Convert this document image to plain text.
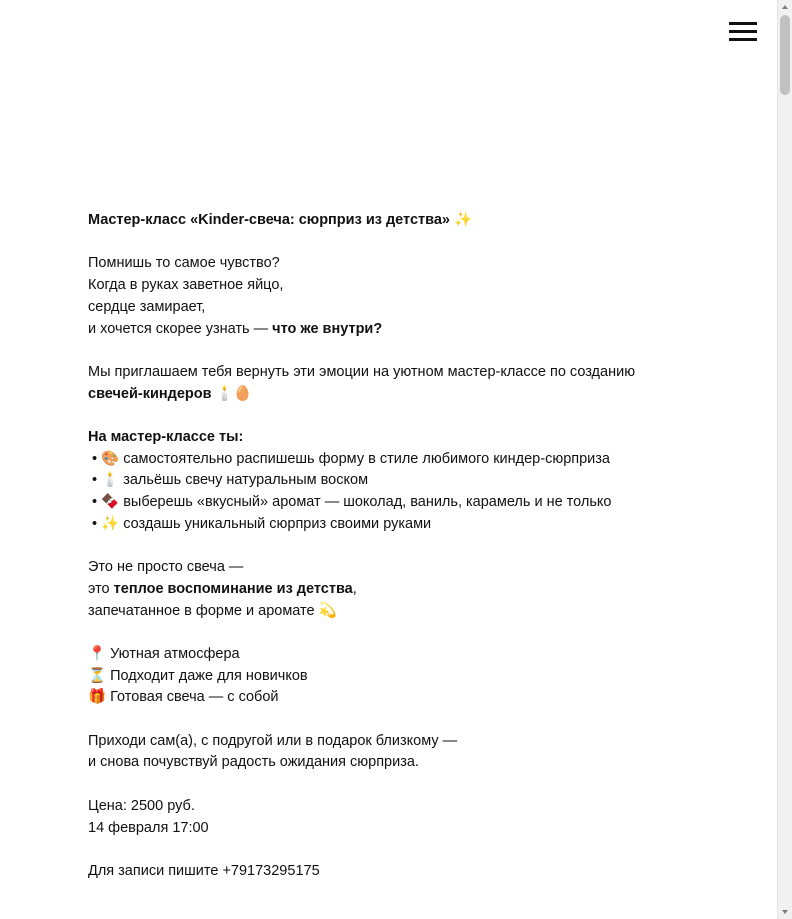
Мастер-класс «Kinder-свеча: сюрприз из детства» ✨
Помнишь то самое чувство?
Когда в руках заветное яйцо,
сердце замирает,
и хочется скорее узнать — что же внутри?
Мы приглашаем тебя вернуть эти эмоции на уютном мастер-классе по созданию
свечей-киндеров 🕯️🥚
На мастер-классе ты:
• 🎨 самостоятельно распишешь форму в стиле любимого киндер-сюрприза
• 🕯️ зальёшь свечу натуральным воском
• 🍫 выберешь «вкусный» аромат — шоколад, ваниль, карамель и не только
• ✨ создашь уникальный сюрприз своими руками
Это не просто свеча —
это теплое воспоминание из детства,
запечатанное в форме и аромате 💫
📍 Уютная атмосфера
⏳ Подходит даже для новичков
🎁 Готовая свеча — с собой
Приходи сам(а), с подругой или в подарок близкому —
и снова почувствуй радость ожидания сюрприза.
Цена: 2500 руб.
14 февраля 17:00
Для записи пишите +79173295175
